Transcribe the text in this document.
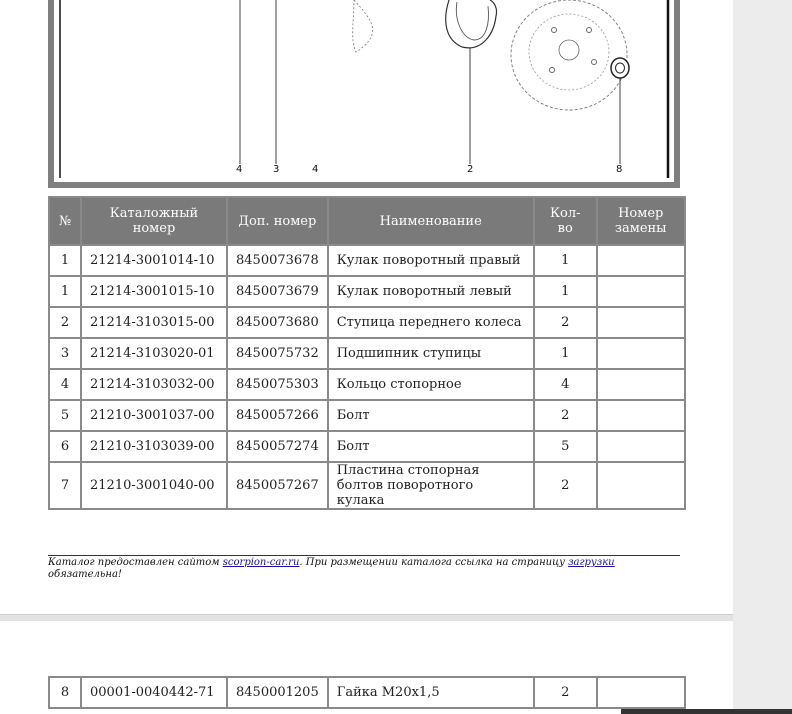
4	3	4	2	8
№	Каталожный номер	Доп. номер	Наименование	Кол-во	Номер замены
1	21214-3001014-10	8450073678	Кулак поворотный правый	1	
1	21214-3001015-10	8450073679	Кулак поворотный левый	1	
2	21214-3103015-00	8450073680	Ступица переднего колеса	2	
3	21214-3103020-01	8450075732	Подшипник ступицы	1	
4	21214-3103032-00	8450075303	Кольцо стопорное	4	
5	21210-3001037-00	8450057266	Болт	2	
6	21210-3103039-00	8450057274	Болт	5	
7	21210-3001040-00	8450057267	Пластина стопорная болтов поворотного кулака	2	
Каталог предоставлен сайтом scorpion-car.ru. При размещении каталога ссылка на страницу загрузки обязательна!
8	00001-0040442-71	8450001205	Гайка М20х1,5	2	
